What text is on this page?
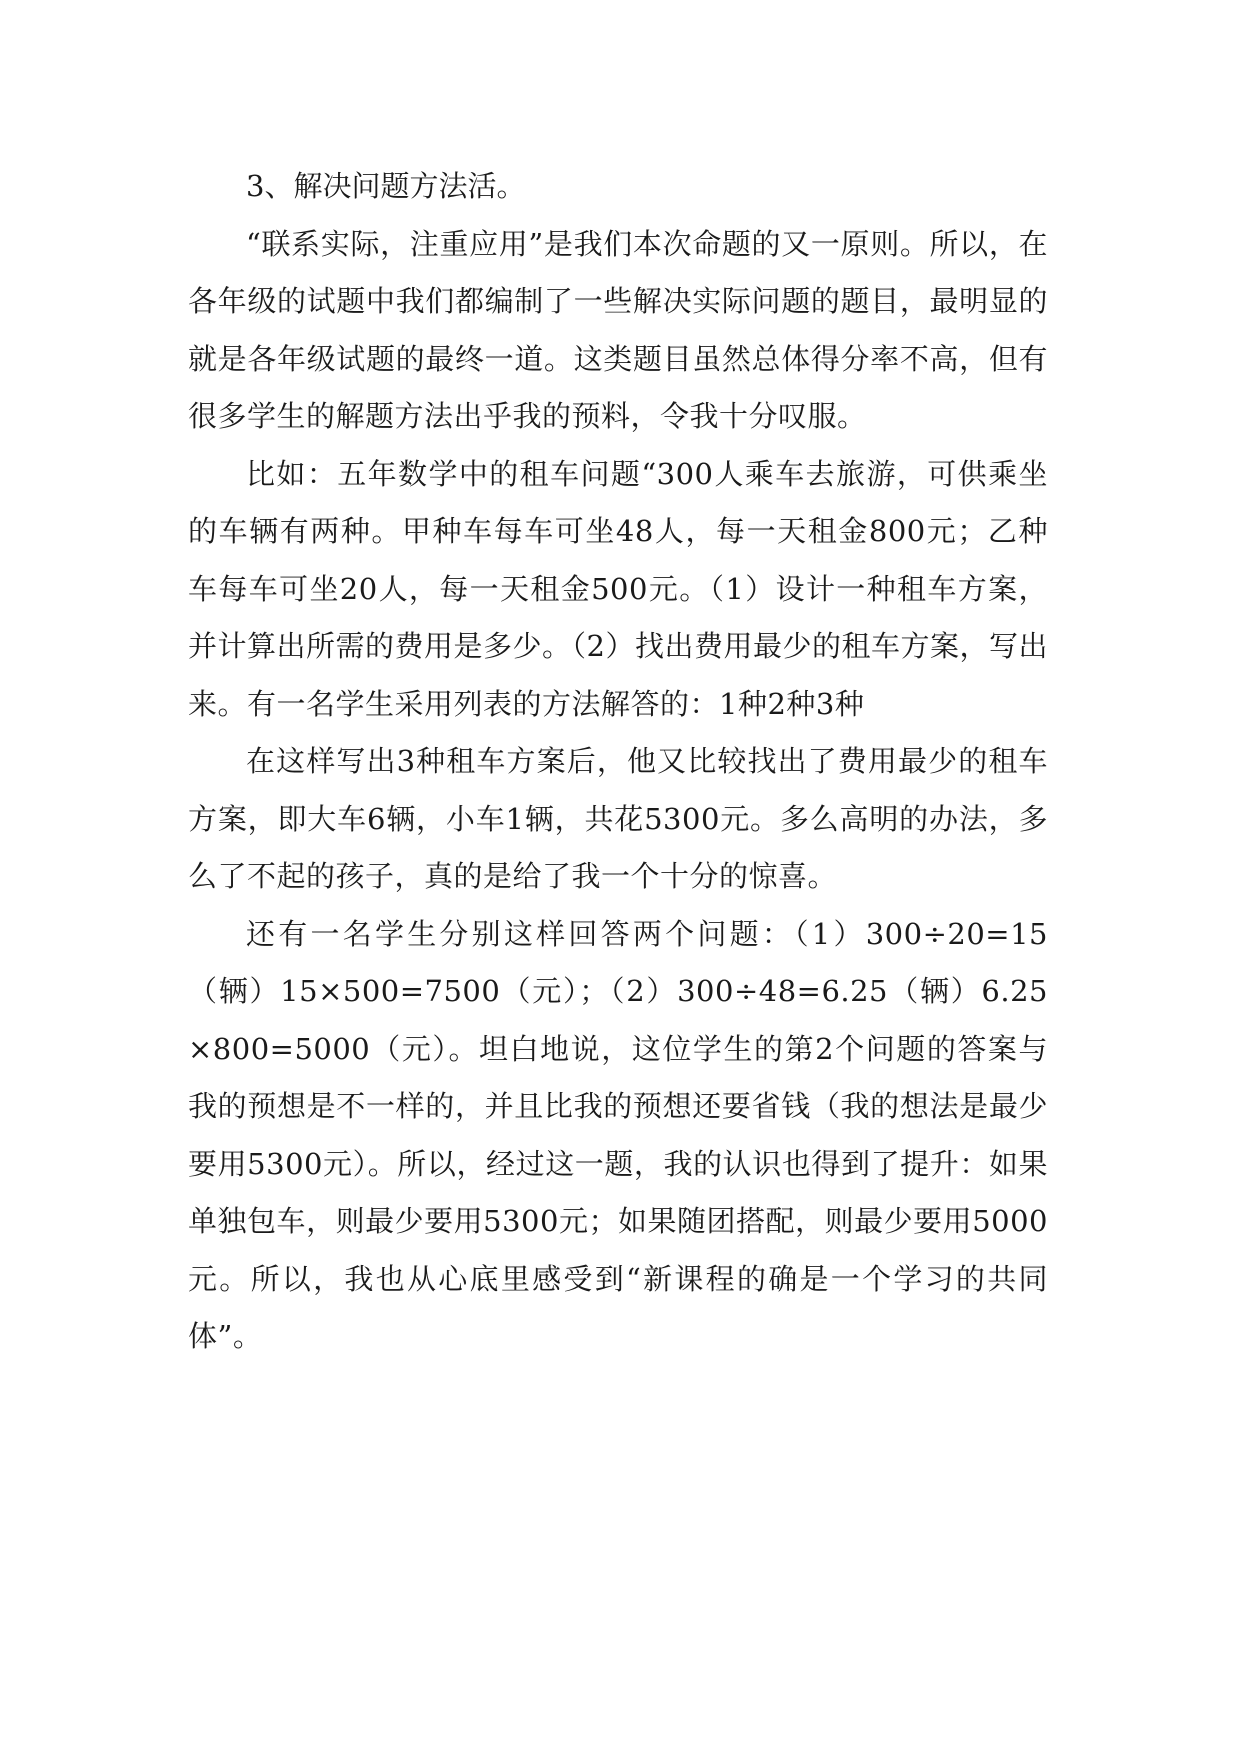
3、解决问题方法活。

“联系实际，注重应用”是我们本次命题的又一原则。所以，在各年级的试题中我们都编制了一些解决实际问题的题目，最明显的就是各年级试题的最终一道。这类题目虽然总体得分率不高，但有很多学生的解题方法出乎我的预料，令我十分叹服。

比如：五年数学中的租车问题“300人乘车去旅游，可供乘坐的车辆有两种。甲种车每车可坐48人，每一天租金800元；乙种车每车可坐20人，每一天租金500元。（1）设计一种租车方案，并计算出所需的费用是多少。（2）找出费用最少的租车方案，写出来。有一名学生采用列表的方法解答的：1种2种3种

在这样写出3种租车方案后，他又比较找出了费用最少的租车方案，即大车6辆，小车1辆，共花5300元。多么高明的办法，多么了不起的孩子，真的是给了我一个十分的惊喜。

还有一名学生分别这样回答两个问题：（1）300÷20=15（辆）15×500=7500（元）；（2）300÷48=6.25（辆）6.25×800=5000（元）。坦白地说，这位学生的第2个问题的答案与我的预想是不一样的，并且比我的预想还要省钱（我的想法是最少要用5300元）。所以，经过这一题，我的认识也得到了提升：如果单独包车，则最少要用5300元；如果随团搭配，则最少要用5000元。所以，我也从心底里感受到“新课程的确是一个学习的共同体”。
